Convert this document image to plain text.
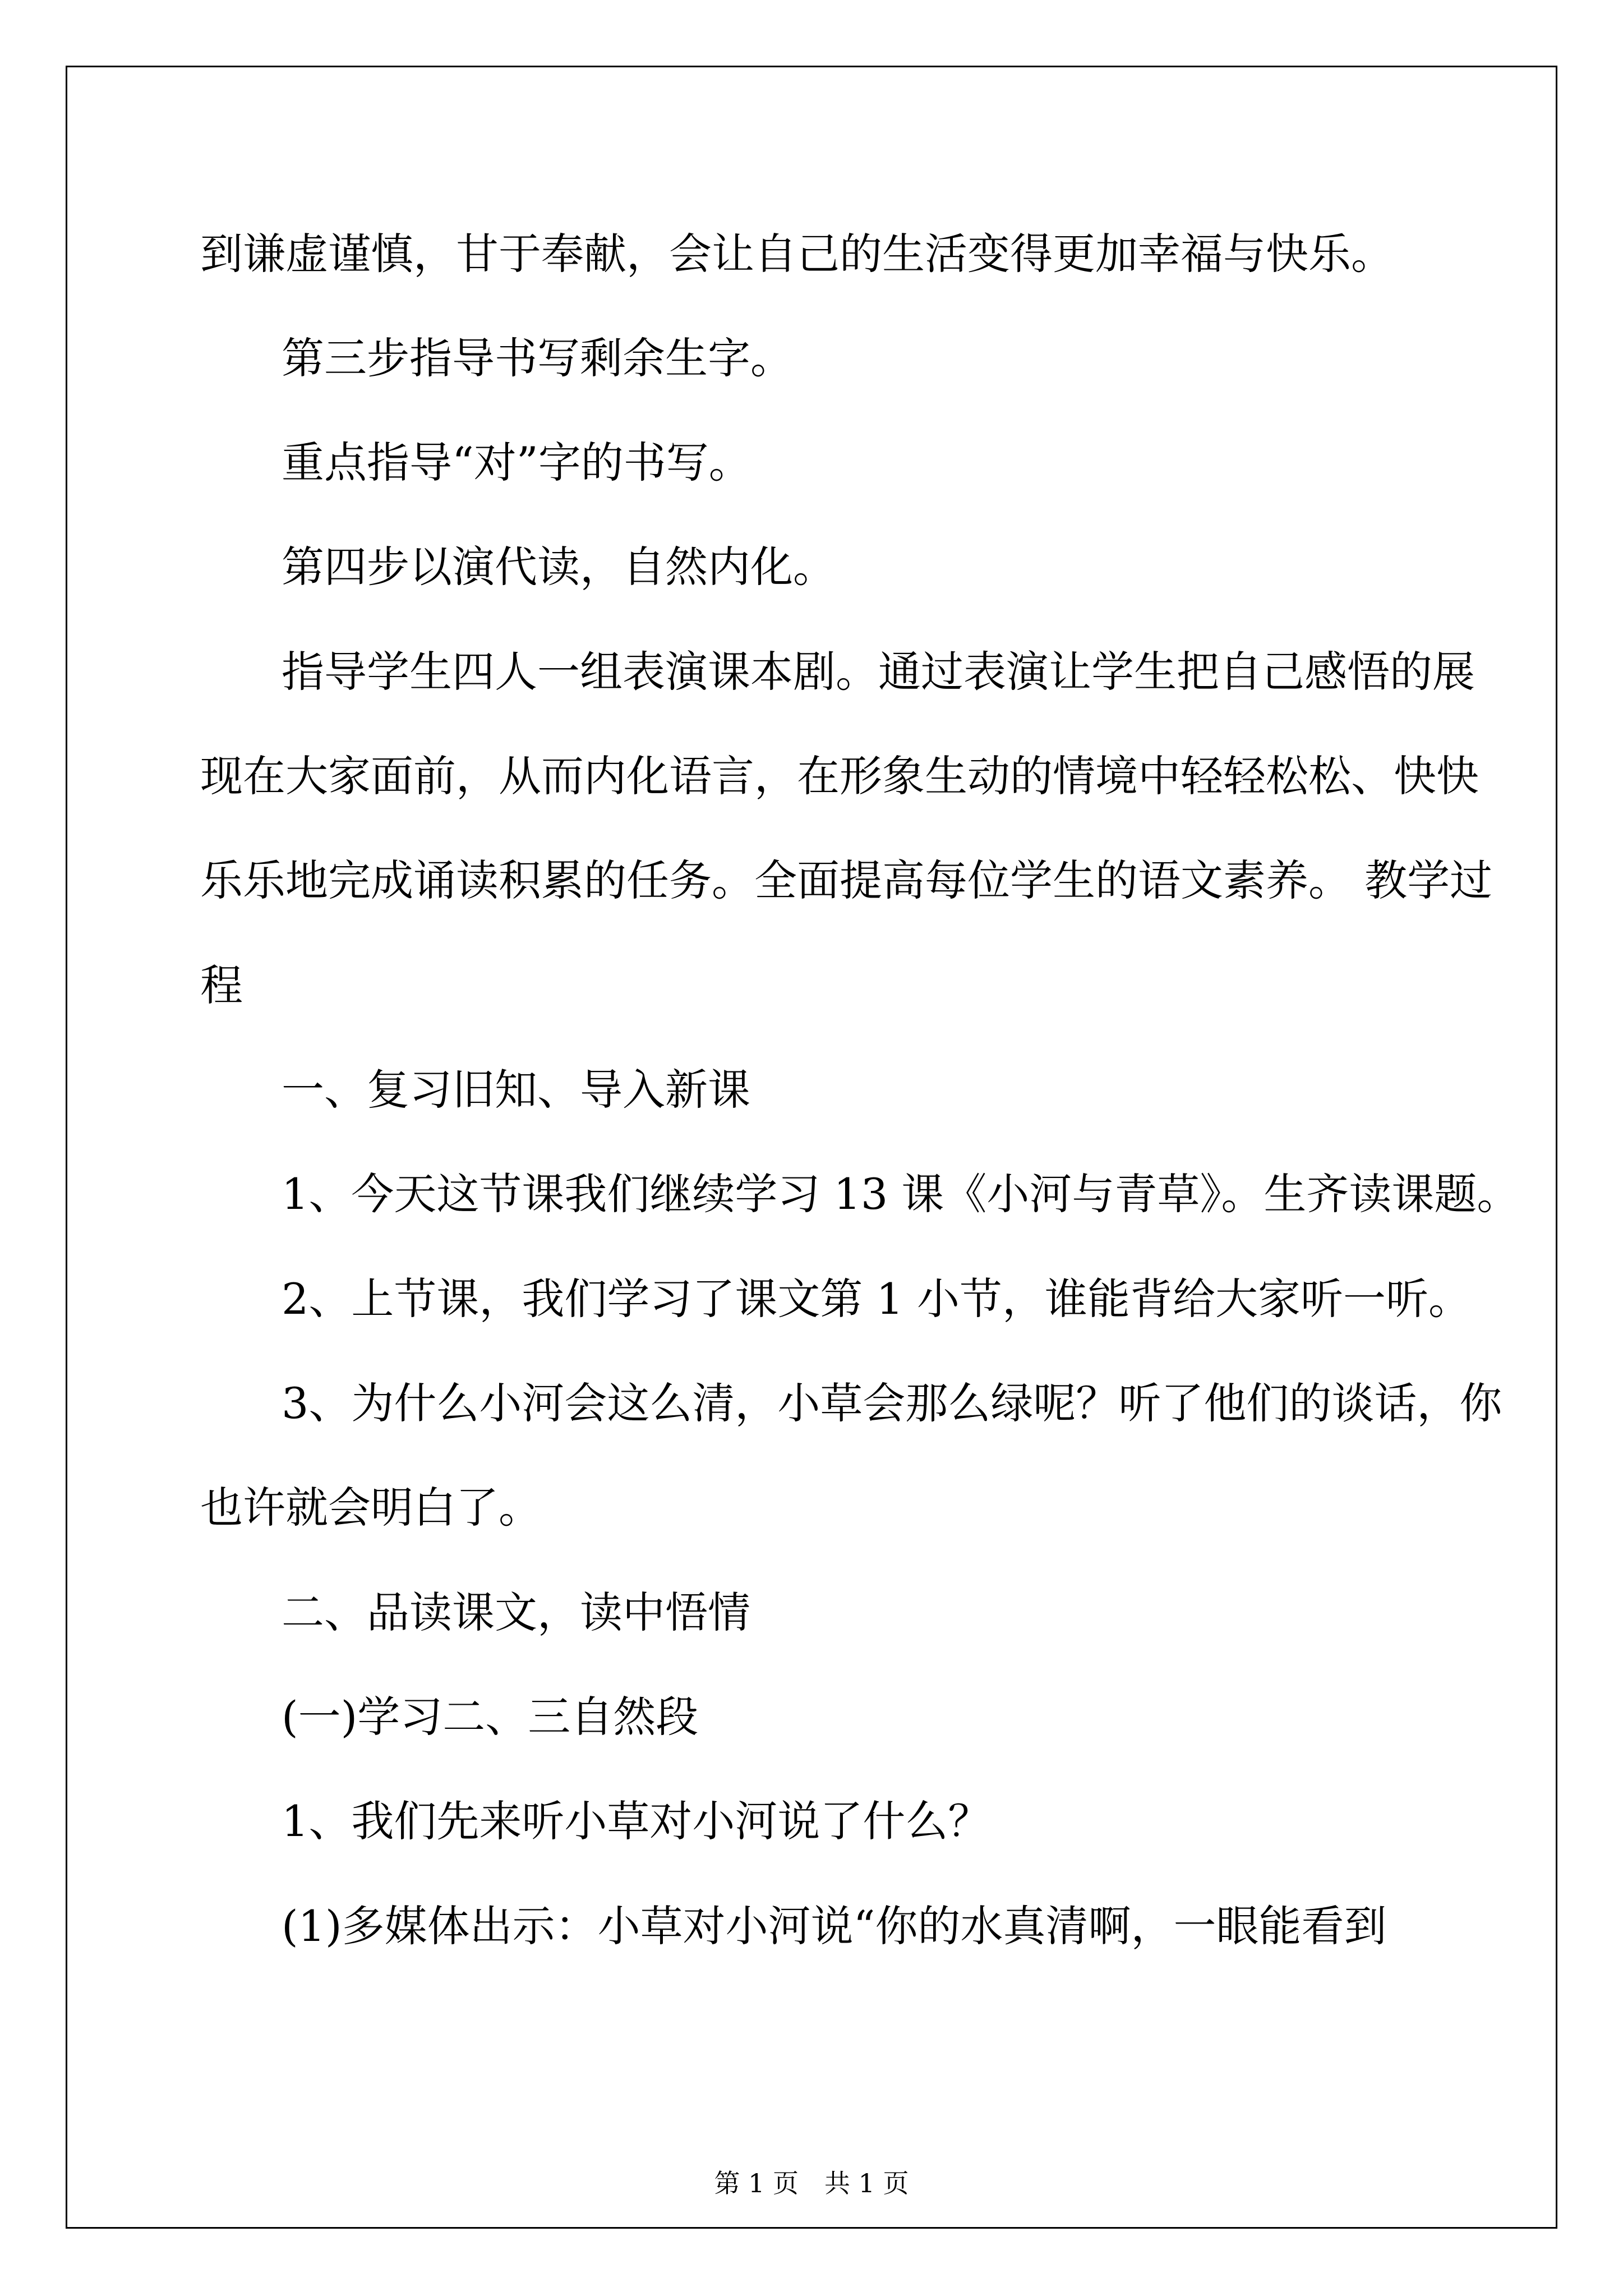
到谦虚谨慎，甘于奉献，会让自己的生活变得更加幸福与快乐。
第三步指导书写剩余生字。
重点指导“对”字的书写。
第四步以演代读，自然内化。
指导学生四人一组表演课本剧。通过表演让学生把自己感悟的展
现在大家面前，从而内化语言，在形象生动的情境中轻轻松松、快快
乐乐地完成诵读积累的任务。全面提高每位学生的语文素养。 教学过
程
一、复习旧知、导入新课
1、今天这节课我们继续学习 13 课《小河与青草》。生齐读课题。
2、上节课，我们学习了课文第 1 小节，谁能背给大家听一听。
3、为什么小河会这么清，小草会那么绿呢？听了他们的谈话，你
也许就会明白了。
二、品读课文，读中悟情
(一)学习二、三自然段
1、我们先来听小草对小河说了什么？
(1)多媒体出示：小草对小河说“你的水真清啊，一眼能看到
第 1 页　共 1 页
